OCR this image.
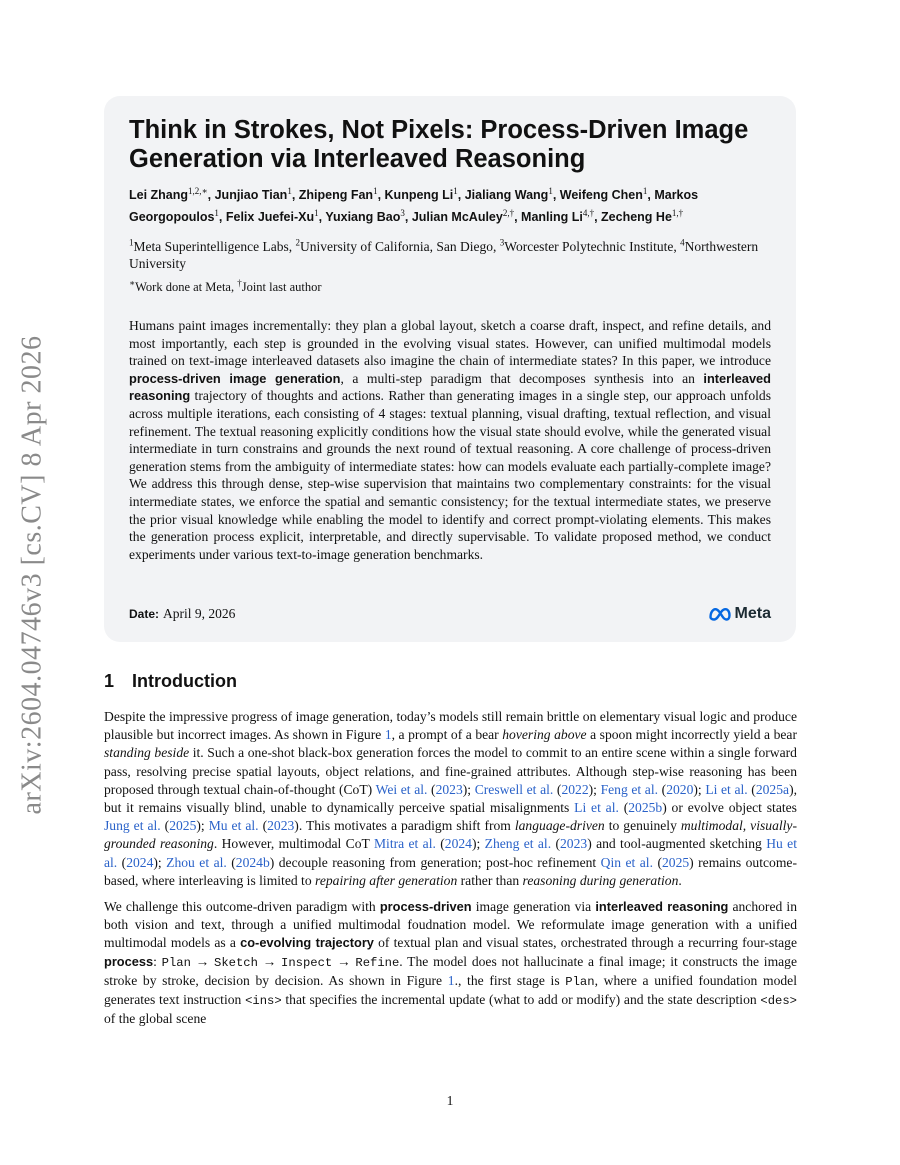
arXiv:2604.04746v3 [cs.CV] 8 Apr 2026
Think in Strokes, Not Pixels: Process-Driven Image Generation via Interleaved Reasoning
Lei Zhang$^{1,2,∗}$, Junjiao Tian$^1$, Zhipeng Fan$^1$, Kunpeng Li$^1$, Jialiang Wang$^1$, Weifeng Chen$^1$, Markos Georgopoulos$^1$, Felix Juefei-Xu$^1$, Yuxiang Bao$^3$, Julian McAuley$^{2,\dagger}$, Manling $Li^{4,\dagger}$, Zecheng $He^{1,\dagger}$
$^1$Meta Superintelligence Labs, $^2$University of California, San Diego, $^3$Worcester Polytechnic Institute, $^4$Northwestern University
∗Work done at Meta, †Joint last author
Humans paint images incrementally: they plan a global layout, sketch a coarse draft, inspect, and refine details, and most importantly, each step is grounded in the evolving visual states. However, can unified multimodal models trained on text-image interleaved datasets also imagine the chain of intermediate states? In this paper, we introduce process-driven image generation, a multi-step paradigm that decomposes synthesis into an interleaved reasoning trajectory of thoughts and actions. Rather than generating images in a single step, our approach unfolds across multiple iterations, each consisting of 4 stages: textual planning, visual drafting, textual reflection, and visual refinement. The textual reasoning explicitly conditions how the visual state should evolve, while the generated visual intermediate in turn constrains and grounds the next round of textual reasoning. A core challenge of process-driven generation stems from the ambiguity of intermediate states: how can models evaluate each partially-complete image? We address this through dense, step-wise supervision that maintains two complementary constraints: for the visual intermediate states, we enforce the spatial and semantic consistency; for the textual intermediate states, we preserve the prior visual knowledge while enabling the model to identify and correct prompt-violating elements. This makes the generation process explicit, interpretable, and directly supervisable. To validate proposed method, we conduct experiments under various text-to-image generation benchmarks.
Date: April 9, 2026	Meta
1 Introduction

Despite the impressive progress of image generation, today’s models still remain brittle on elementary visual logic and produce plausible but incorrect images. As shown in Figure 1, a prompt of a bear hovering above a spoon might incorrectly yield a bear standing beside it. Such a one-shot black-box generation forces the model to commit to an entire scene within a single forward pass, resolving precise spatial layouts, object relations, and fine-grained attributes. Although step-wise reasoning has been proposed through textual chain-of-thought (CoT) Wei et al. (2023); Creswell et al. (2022); Feng et al. (2020); Li et al. (2025a), but it remains visually blind, unable to dynamically perceive spatial misalignments Li et al. (2025b) or evolve object states Jung et al. (2025); Mu et al. (2023). This motivates a paradigm shift from language-driven to genuinely multimodal, visually-grounded reasoning. However, multimodal CoT Mitra et al. (2024); Zheng et al. (2023) and tool-augmented sketching Hu et al. (2024); Zhou et al. (2024b) decouple reasoning from generation; post-hoc refinement Qin et al. (2025) remains outcome-based, where interleaving is limited to repairing after generation rather than reasoning during generation.

We challenge this outcome-driven paradigm with process-driven image generation via interleaved reasoning anchored in both vision and text, through a unified multimodal foudnation model. We reformulate image generation with a unified multimodal models as a co-evolving trajectory of textual plan and visual states, orchestrated through a recurring four-stage process: Plan → Sketch → Inspect → Refine. The model does not hallucinate a final image; it constructs the image stroke by stroke, decision by decision. As shown in Figure 1., the first stage is Plan, where a unified foundation model generates text instruction <ins> that specifies the incremental update (what to add or modify) and the state description <des> of the global scene

1
